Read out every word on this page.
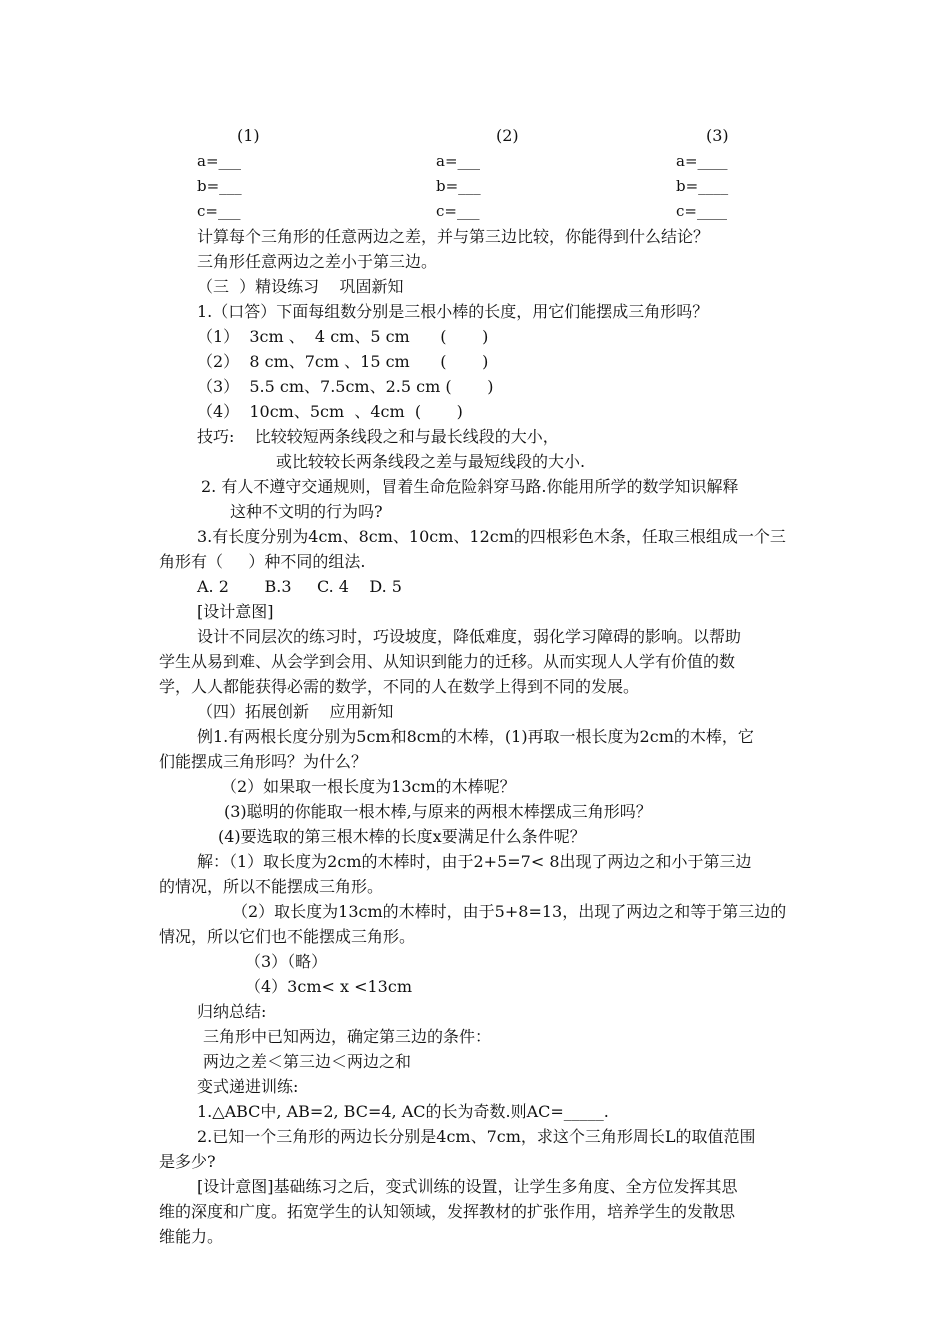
(1)
a=___
b=___
c=___
(2)
a=___
b=___
c=___
(3)
a=____
b=____
c=____

计算每个三角形的任意两边之差，并与第三边比较，你能得到什么结论？

三角形任意两边之差小于第三边。

（三  ）精设练习    巩固新知

1.（口答）下面每组数分别是三根小棒的长度，用它们能摆成三角形吗？

（1）  3cm 、  4 cm、5 cm      (       )

（2）  8 cm、7cm 、15 cm      (       )

（3）  5.5 cm、7.5cm、2.5 cm (       )

（4）  10cm、5cm  、4cm  (       )

技巧:    比较较短两条线段之和与最长线段的大小，

或比较较长两条线段之差与最短线段的大小.

2. 有人不遵守交通规则，冒着生命危险斜穿马路.你能用所学的数学知识解释

这种不文明的行为吗?

3.有长度分别为4cm、8cm、10cm、12cm的四根彩色木条，任取三根组成一个三

角形有（     ）种不同的组法.

A. 2       B.3     C. 4    D. 5

[设计意图]

设计不同层次的练习时，巧设坡度，降低难度，弱化学习障碍的影响。以帮助

学生从易到难、从会学到会用、从知识到能力的迁移。从而实现人人学有价值的数

学，人人都能获得必需的数学，不同的人在数学上得到不同的发展。

（四）拓展创新    应用新知

例1.有两根长度分别为5cm和8cm的木棒，(1)再取一根长度为2cm的木棒，它

们能摆成三角形吗？为什么？

（2）如果取一根长度为13cm的木棒呢？

(3)聪明的你能取一根木棒,与原来的两根木棒摆成三角形吗？

(4)要选取的第三根木棒的长度x要满足什么条件呢？

解：（1）取长度为2cm的木棒时，由于2+5=7< 8出现了两边之和小于第三边

的情况，所以不能摆成三角形。

（2）取长度为13cm的木棒时，由于5+8=13，出现了两边之和等于第三边的

情况，所以它们也不能摆成三角形。

（3）（略）

（4）3cm< x <13cm

归纳总结:

三角形中已知两边，确定第三边的条件：

两边之差＜第三边＜两边之和

变式递进训练:

1.△ABC中, AB=2, BC=4, AC的长为奇数.则AC=_____.

2.已知一个三角形的两边长分别是4cm、7cm，求这个三角形周长L的取值范围

是多少?

[设计意图]基础练习之后，变式训练的设置，让学生多角度、全方位发挥其思

维的深度和广度。拓宽学生的认知领域，发挥教材的扩张作用，培养学生的发散思

维能力。
